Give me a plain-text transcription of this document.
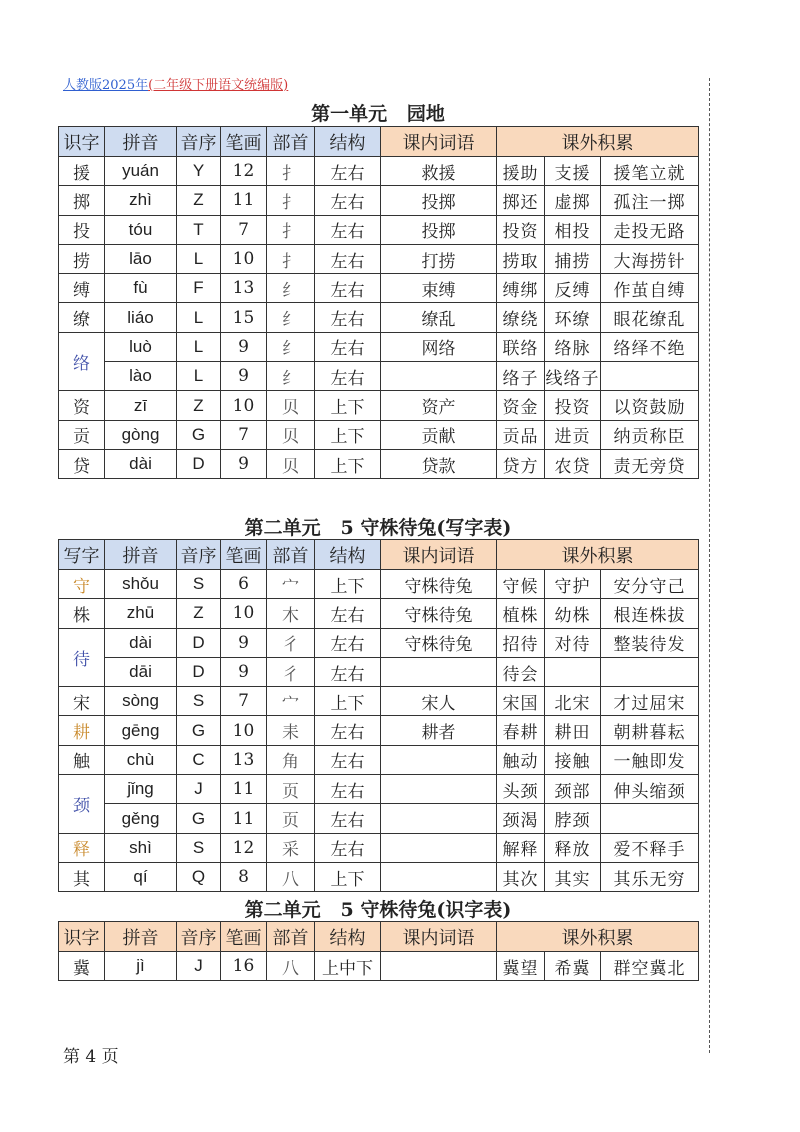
人教版2025年(二年级下册语文统编版)
第一单元   园地
识字	拼音	音序	笔画	部首	结构	课内词语	课外积累		
援	yuán	Y	12	扌	左右	救援	援助	支援	援笔立就
掷	zhì	Z	11	扌	左右	投掷	掷还	虚掷	孤注一掷
投	tóu	T	7	扌	左右	投掷	投资	相投	走投无路
捞	lāo	L	10	扌	左右	打捞	捞取	捕捞	大海捞针
缚	fù	F	13	纟	左右	束缚	缚绑	反缚	作茧自缚
缭	liáo	L	15	纟	左右	缭乱	缭绕	环缭	眼花缭乱
络	luò	L	9	纟	左右	网络	联络	络脉	络绎不绝
	lào	L	9	纟	左右		络子	线络子	
资	zī	Z	10	贝	上下	资产	资金	投资	以资鼓励
贡	gòng	G	7	贝	上下	贡献	贡品	进贡	纳贡称臣
贷	dài	D	9	贝	上下	贷款	贷方	农贷	责无旁贷
第二单元   5 守株待兔(写字表)
写字	拼音	音序	笔画	部首	结构	课内词语	课外积累		
守	shǒu	S	6	宀	上下	守株待兔	守候	守护	安分守己
株	zhū	Z	10	木	左右	守株待兔	植株	幼株	根连株拔
待	dài	D	9	彳	左右	守株待兔	招待	对待	整装待发
	dāi	D	9	彳	左右		待会		
宋	sòng	S	7	宀	上下	宋人	宋国	北宋	才过屈宋
耕	gēng	G	10	耒	左右	耕者	春耕	耕田	朝耕暮耘
触	chù	C	13	角	左右		触动	接触	一触即发
颈	jǐng	J	11	页	左右		头颈	颈部	伸头缩颈
	gěng	G	11	页	左右		颈渴	脖颈	
释	shì	S	12	采	左右		解释	释放	爱不释手
其	qí	Q	8	八	上下		其次	其实	其乐无穷
第二单元   5 守株待兔(识字表)
识字	拼音	音序	笔画	部首	结构	课内词语	课外积累		
冀	jì	J	16	八	上中下		冀望	希冀	群空冀北
第 4 页
